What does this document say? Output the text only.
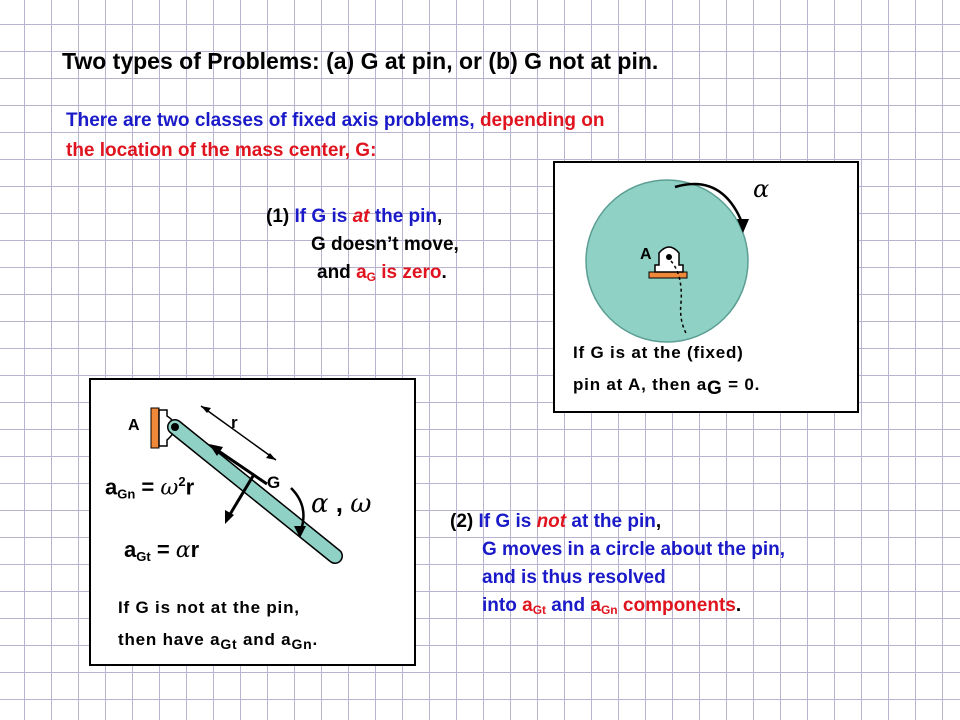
Two types of Problems: (a) G at pin, or (b) G not at pin.
There are two classes of fixed axis problems, depending on
the location of the mass center, G:
(1) If G is at the pin,
G doesn’t move,
and $a_G$ is zero.
(2) If G is not at the pin,
G moves in a circle about the pin,
and is thus resolved
into $a_{Gt}$ and $a_{Gn}$ components.
α
A
If G is at the (fixed)
pin at A, then $a_G = 0$.
A	r
G
$a_{Gn} = \omega^2r$
$a_{Gt} = \alpha r$
α , ω
If G is not at the pin,
then have $a_{Gt}$ and $a_{Gn}$.
